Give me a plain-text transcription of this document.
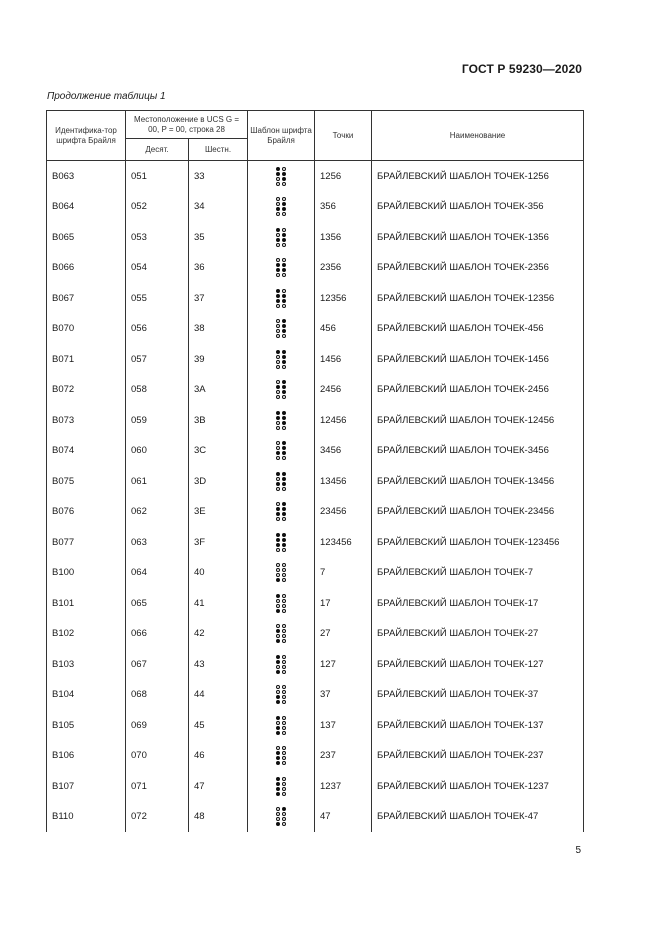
ГОСТ Р 59230—2020
Продолжение таблицы 1
Идентифика-тор шрифта Брайля	Местоположение в UCS G = 00, P = 00, строка 28		Шаблон шрифта Брайля	Точки	Наименование
	Десят.	Шестн.			
B063	051	33		1256	БРАЙЛЕВСКИЙ ШАБЛОН ТОЧЕК-1256
B064	052	34		356	БРАЙЛЕВСКИЙ ШАБЛОН ТОЧЕК-356
B065	053	35		1356	БРАЙЛЕВСКИЙ ШАБЛОН ТОЧЕК-1356
B066	054	36		2356	БРАЙЛЕВСКИЙ ШАБЛОН ТОЧЕК-2356
B067	055	37		12356	БРАЙЛЕВСКИЙ ШАБЛОН ТОЧЕК-12356
B070	056	38		456	БРАЙЛЕВСКИЙ ШАБЛОН ТОЧЕК-456
B071	057	39		1456	БРАЙЛЕВСКИЙ ШАБЛОН ТОЧЕК-1456
B072	058	3A		2456	БРАЙЛЕВСКИЙ ШАБЛОН ТОЧЕК-2456
B073	059	3B		12456	БРАЙЛЕВСКИЙ ШАБЛОН ТОЧЕК-12456
B074	060	3C		3456	БРАЙЛЕВСКИЙ ШАБЛОН ТОЧЕК-3456
B075	061	3D		13456	БРАЙЛЕВСКИЙ ШАБЛОН ТОЧЕК-13456
B076	062	3E		23456	БРАЙЛЕВСКИЙ ШАБЛОН ТОЧЕК-23456
B077	063	3F		123456	БРАЙЛЕВСКИЙ ШАБЛОН ТОЧЕК-123456
B100	064	40		7	БРАЙЛЕВСКИЙ ШАБЛОН ТОЧЕК-7
B101	065	41		17	БРАЙЛЕВСКИЙ ШАБЛОН ТОЧЕК-17
B102	066	42		27	БРАЙЛЕВСКИЙ ШАБЛОН ТОЧЕК-27
B103	067	43		127	БРАЙЛЕВСКИЙ ШАБЛОН ТОЧЕК-127
B104	068	44		37	БРАЙЛЕВСКИЙ ШАБЛОН ТОЧЕК-37
B105	069	45		137	БРАЙЛЕВСКИЙ ШАБЛОН ТОЧЕК-137
B106	070	46		237	БРАЙЛЕВСКИЙ ШАБЛОН ТОЧЕК-237
B107	071	47		1237	БРАЙЛЕВСКИЙ ШАБЛОН ТОЧЕК-1237
B110	072	48		47	БРАЙЛЕВСКИЙ ШАБЛОН ТОЧЕК-47
5
